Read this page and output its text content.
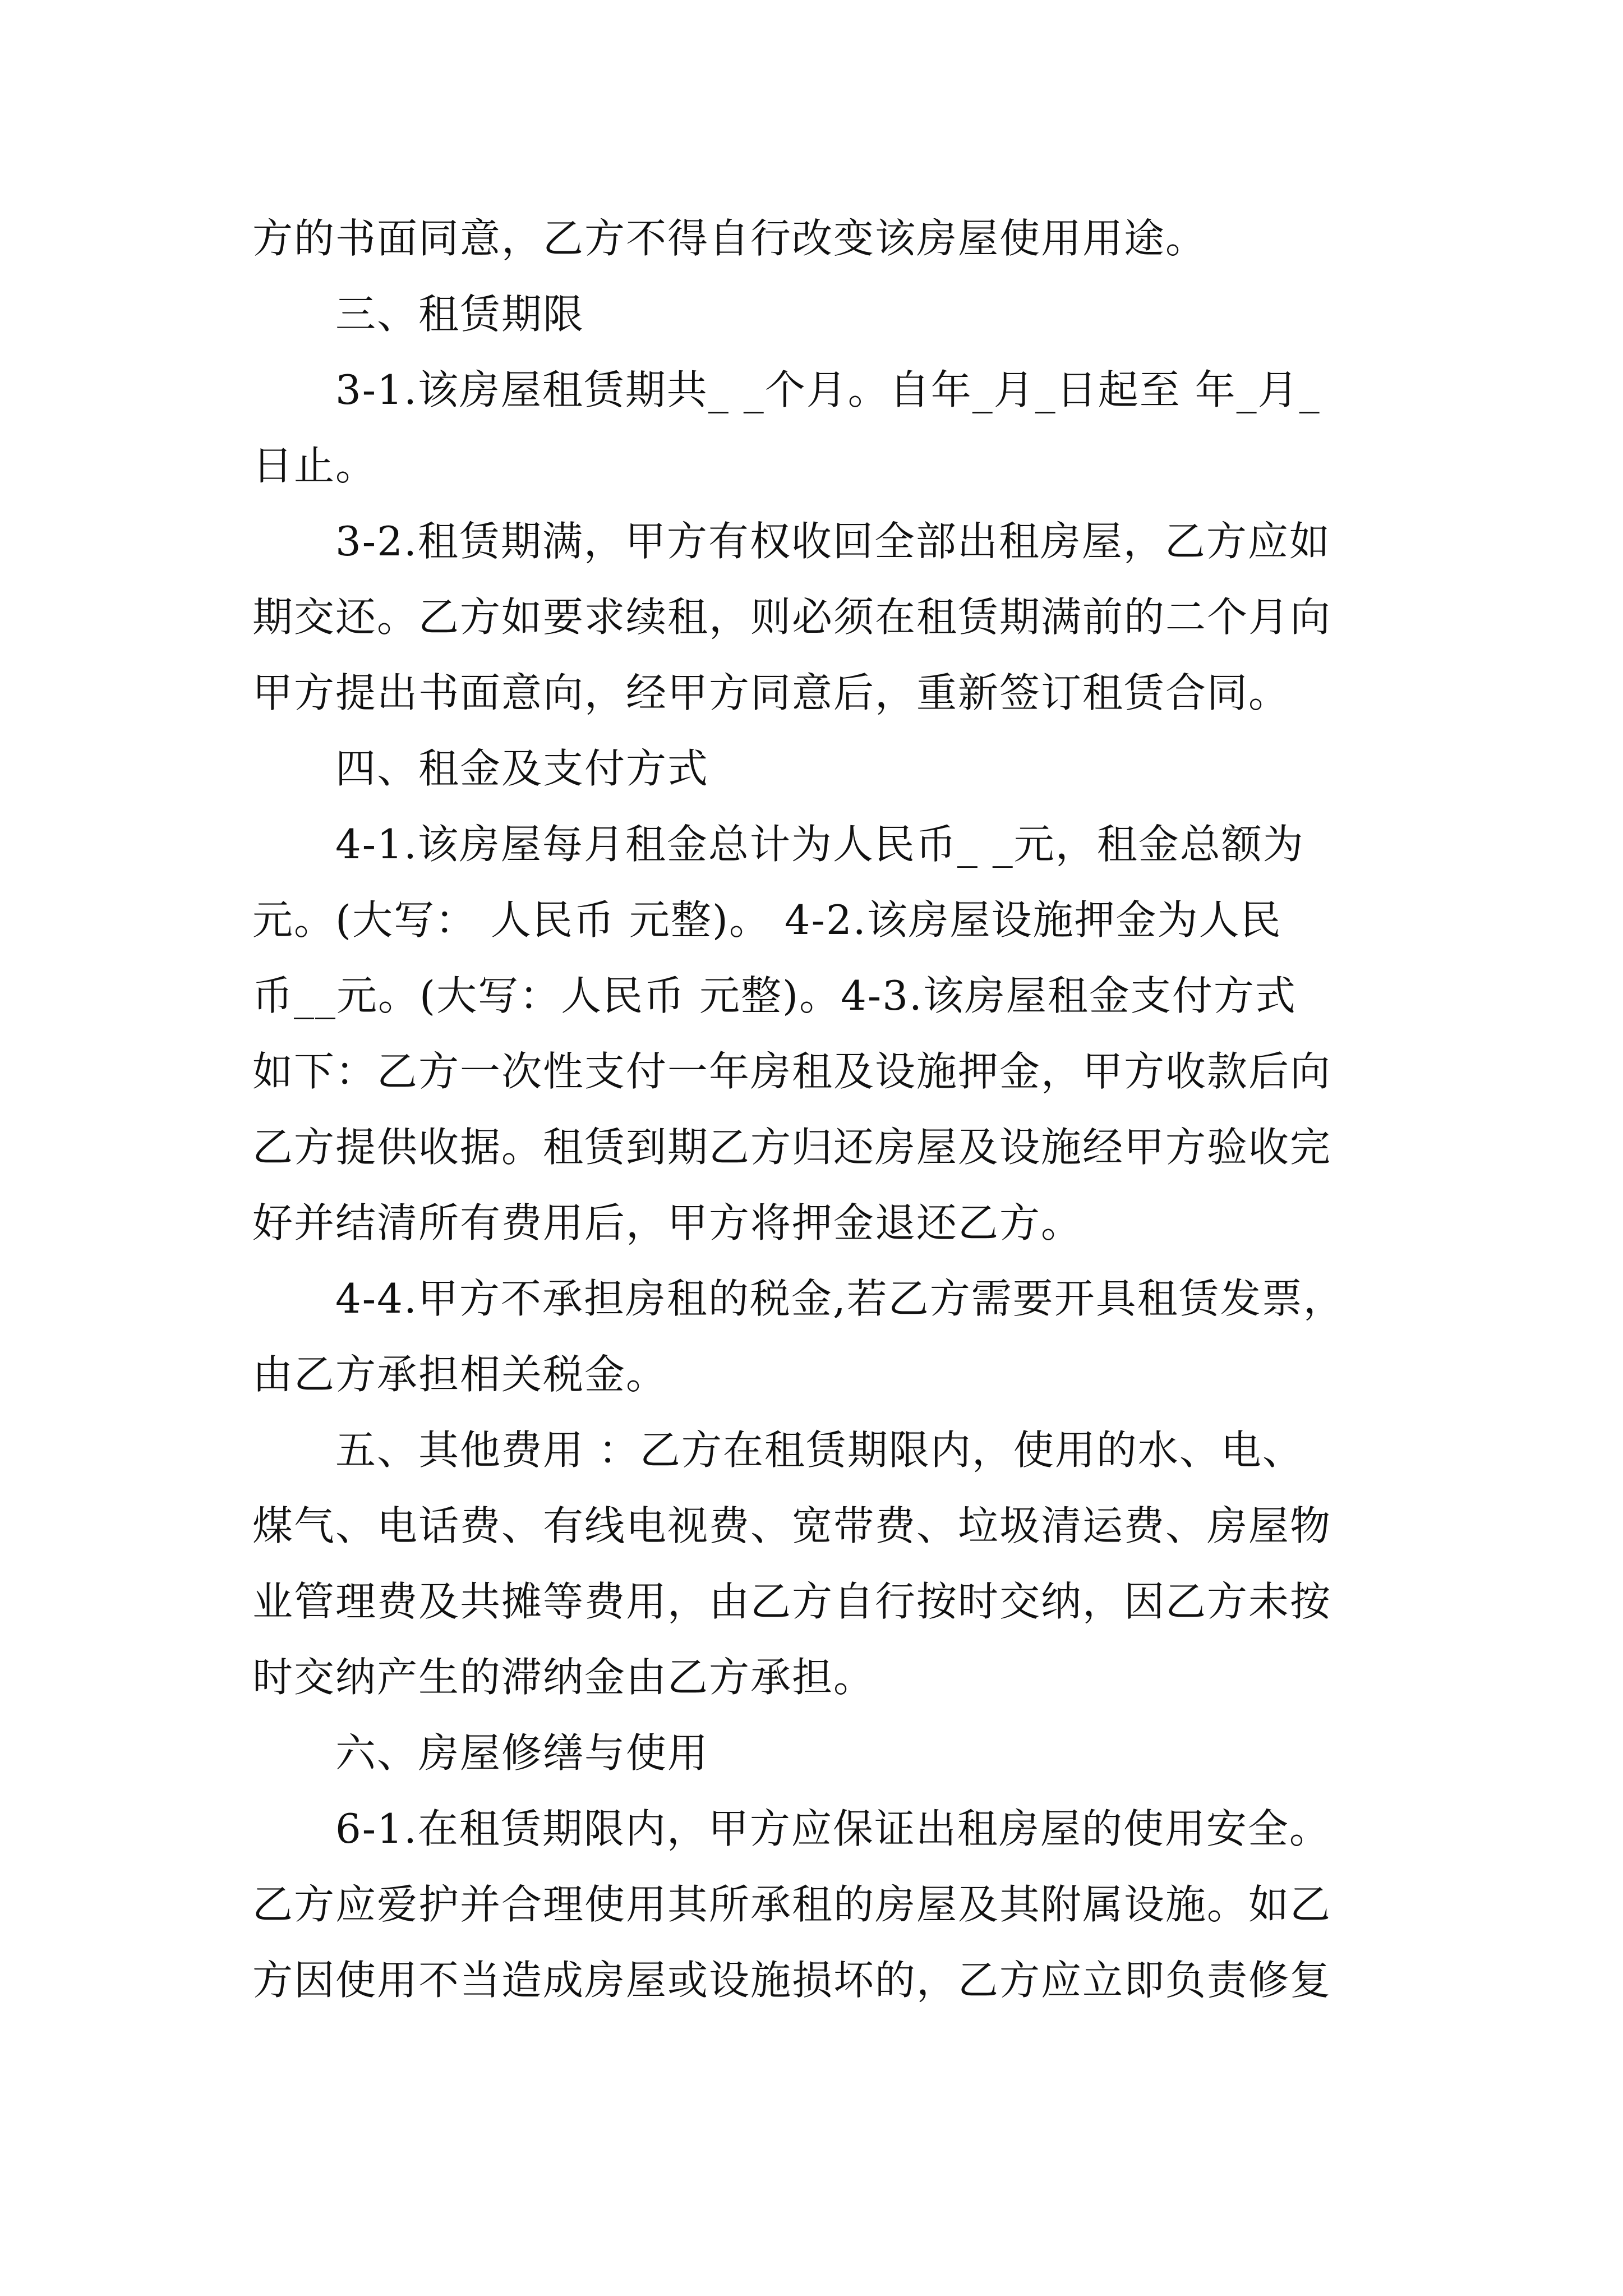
方的书面同意，乙方不得自行改变该房屋使用用途。
三、租赁期限
3-1.该房屋租赁期共_ _个月。自年_月_日起至 年_月_
日止。
3-2.租赁期满，甲方有权收回全部出租房屋，乙方应如
期交还。乙方如要求续租，则必须在租赁期满前的二个月向
甲方提出书面意向，经甲方同意后，重新签订租赁合同。
四、租金及支付方式
4-1.该房屋每月租金总计为人民币_ _元，租金总额为
元。(大写： 人民币 元整)。 4-2.该房屋设施押金为人民
币__元。(大写：人民币 元整)。4-3.该房屋租金支付方式
如下：乙方一次性支付一年房租及设施押金，甲方收款后向
乙方提供收据。租赁到期乙方归还房屋及设施经甲方验收完
好并结清所有费用后，甲方将押金退还乙方。
4-4.甲方不承担房租的税金,若乙方需要开具租赁发票，
由乙方承担相关税金。
五、其他费用 ：乙方在租赁期限内，使用的水、电、
煤气、电话费、有线电视费、宽带费、垃圾清运费、房屋物
业管理费及共摊等费用，由乙方自行按时交纳，因乙方未按
时交纳产生的滞纳金由乙方承担。
六、房屋修缮与使用
6-1.在租赁期限内，甲方应保证出租房屋的使用安全。
乙方应爱护并合理使用其所承租的房屋及其附属设施。如乙
方因使用不当造成房屋或设施损坏的，乙方应立即负责修复
